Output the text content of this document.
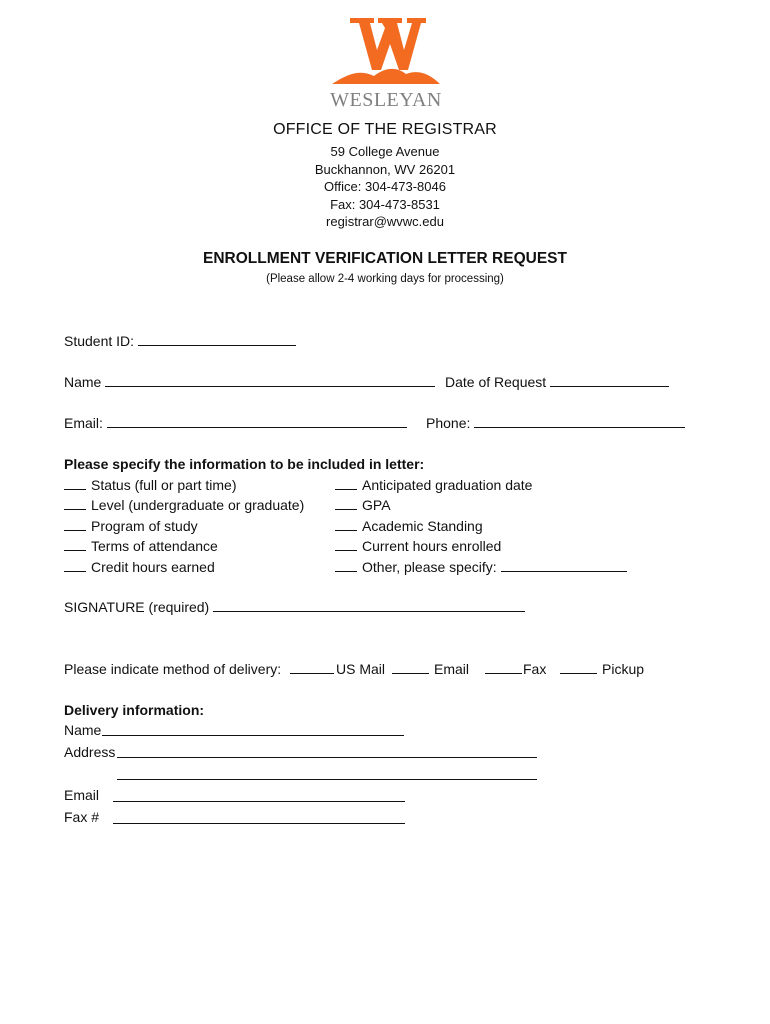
WESLEYAN
OFFICE OF THE REGISTRAR
59 College Avenue
Buckhannon, WV 26201
Office: 304-473-8046
Fax: 304-473-8531
registrar@wvwc.edu
ENROLLMENT VERIFICATION LETTER REQUEST
(Please allow 2-4 working days for processing)
Student ID:
Name	Date of Request
Email:	Phone:
Please specify the information to be included in letter:
Status (full or part time)
Level (undergraduate or graduate)
Program of study
Terms of attendance
Credit hours earned
Anticipated graduation date
GPA
Academic Standing
Current hours enrolled
Other, please specify:
SIGNATURE (required)
Please indicate method of delivery:	US Mail	Email	Fax	Pickup
Delivery information:
Name
Address
Email
Fax #
